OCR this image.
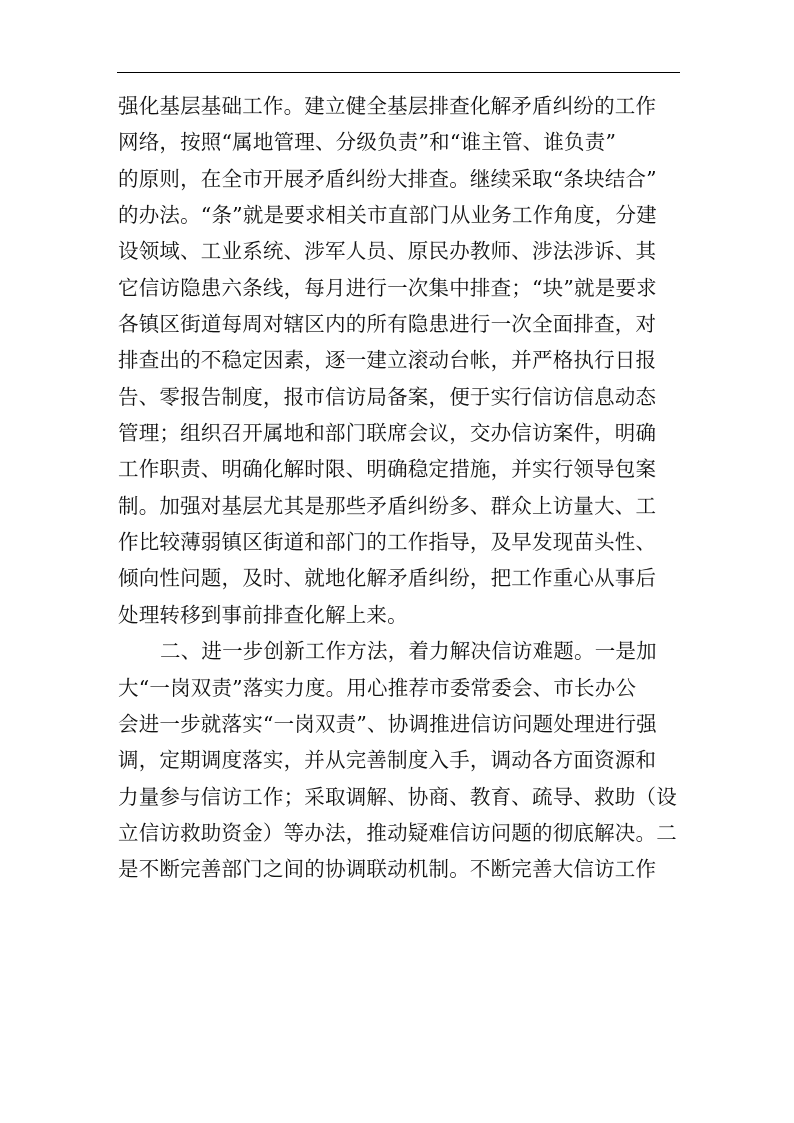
强化基层基础工作。建立健全基层排查化解矛盾纠纷的工作
网络，按照“属地管理、分级负责”和“谁主管、谁负责”
的原则，在全市开展矛盾纠纷大排查。继续采取“条块结合”
的办法。“条”就是要求相关市直部门从业务工作角度，分建
设领域、工业系统、涉军人员、原民办教师、涉法涉诉、其
它信访隐患六条线，每月进行一次集中排查；“块”就是要求
各镇区街道每周对辖区内的所有隐患进行一次全面排查，对
排查出的不稳定因素，逐一建立滚动台帐，并严格执行日报
告、零报告制度，报市信访局备案，便于实行信访信息动态
管理；组织召开属地和部门联席会议，交办信访案件，明确
工作职责、明确化解时限、明确稳定措施，并实行领导包案
制。加强对基层尤其是那些矛盾纠纷多、群众上访量大、工
作比较薄弱镇区街道和部门的工作指导，及早发现苗头性、
倾向性问题，及时、就地化解矛盾纠纷，把工作重心从事后
处理转移到事前排查化解上来。
二、进一步创新工作方法，着力解决信访难题。一是加
大“一岗双责”落实力度。用心推荐市委常委会、市长办公
会进一步就落实“一岗双责”、协调推进信访问题处理进行强
调，定期调度落实，并从完善制度入手，调动各方面资源和
力量参与信访工作；采取调解、协商、教育、疏导、救助（设
立信访救助资金）等办法，推动疑难信访问题的彻底解决。二
是不断完善部门之间的协调联动机制。不断完善大信访工作
